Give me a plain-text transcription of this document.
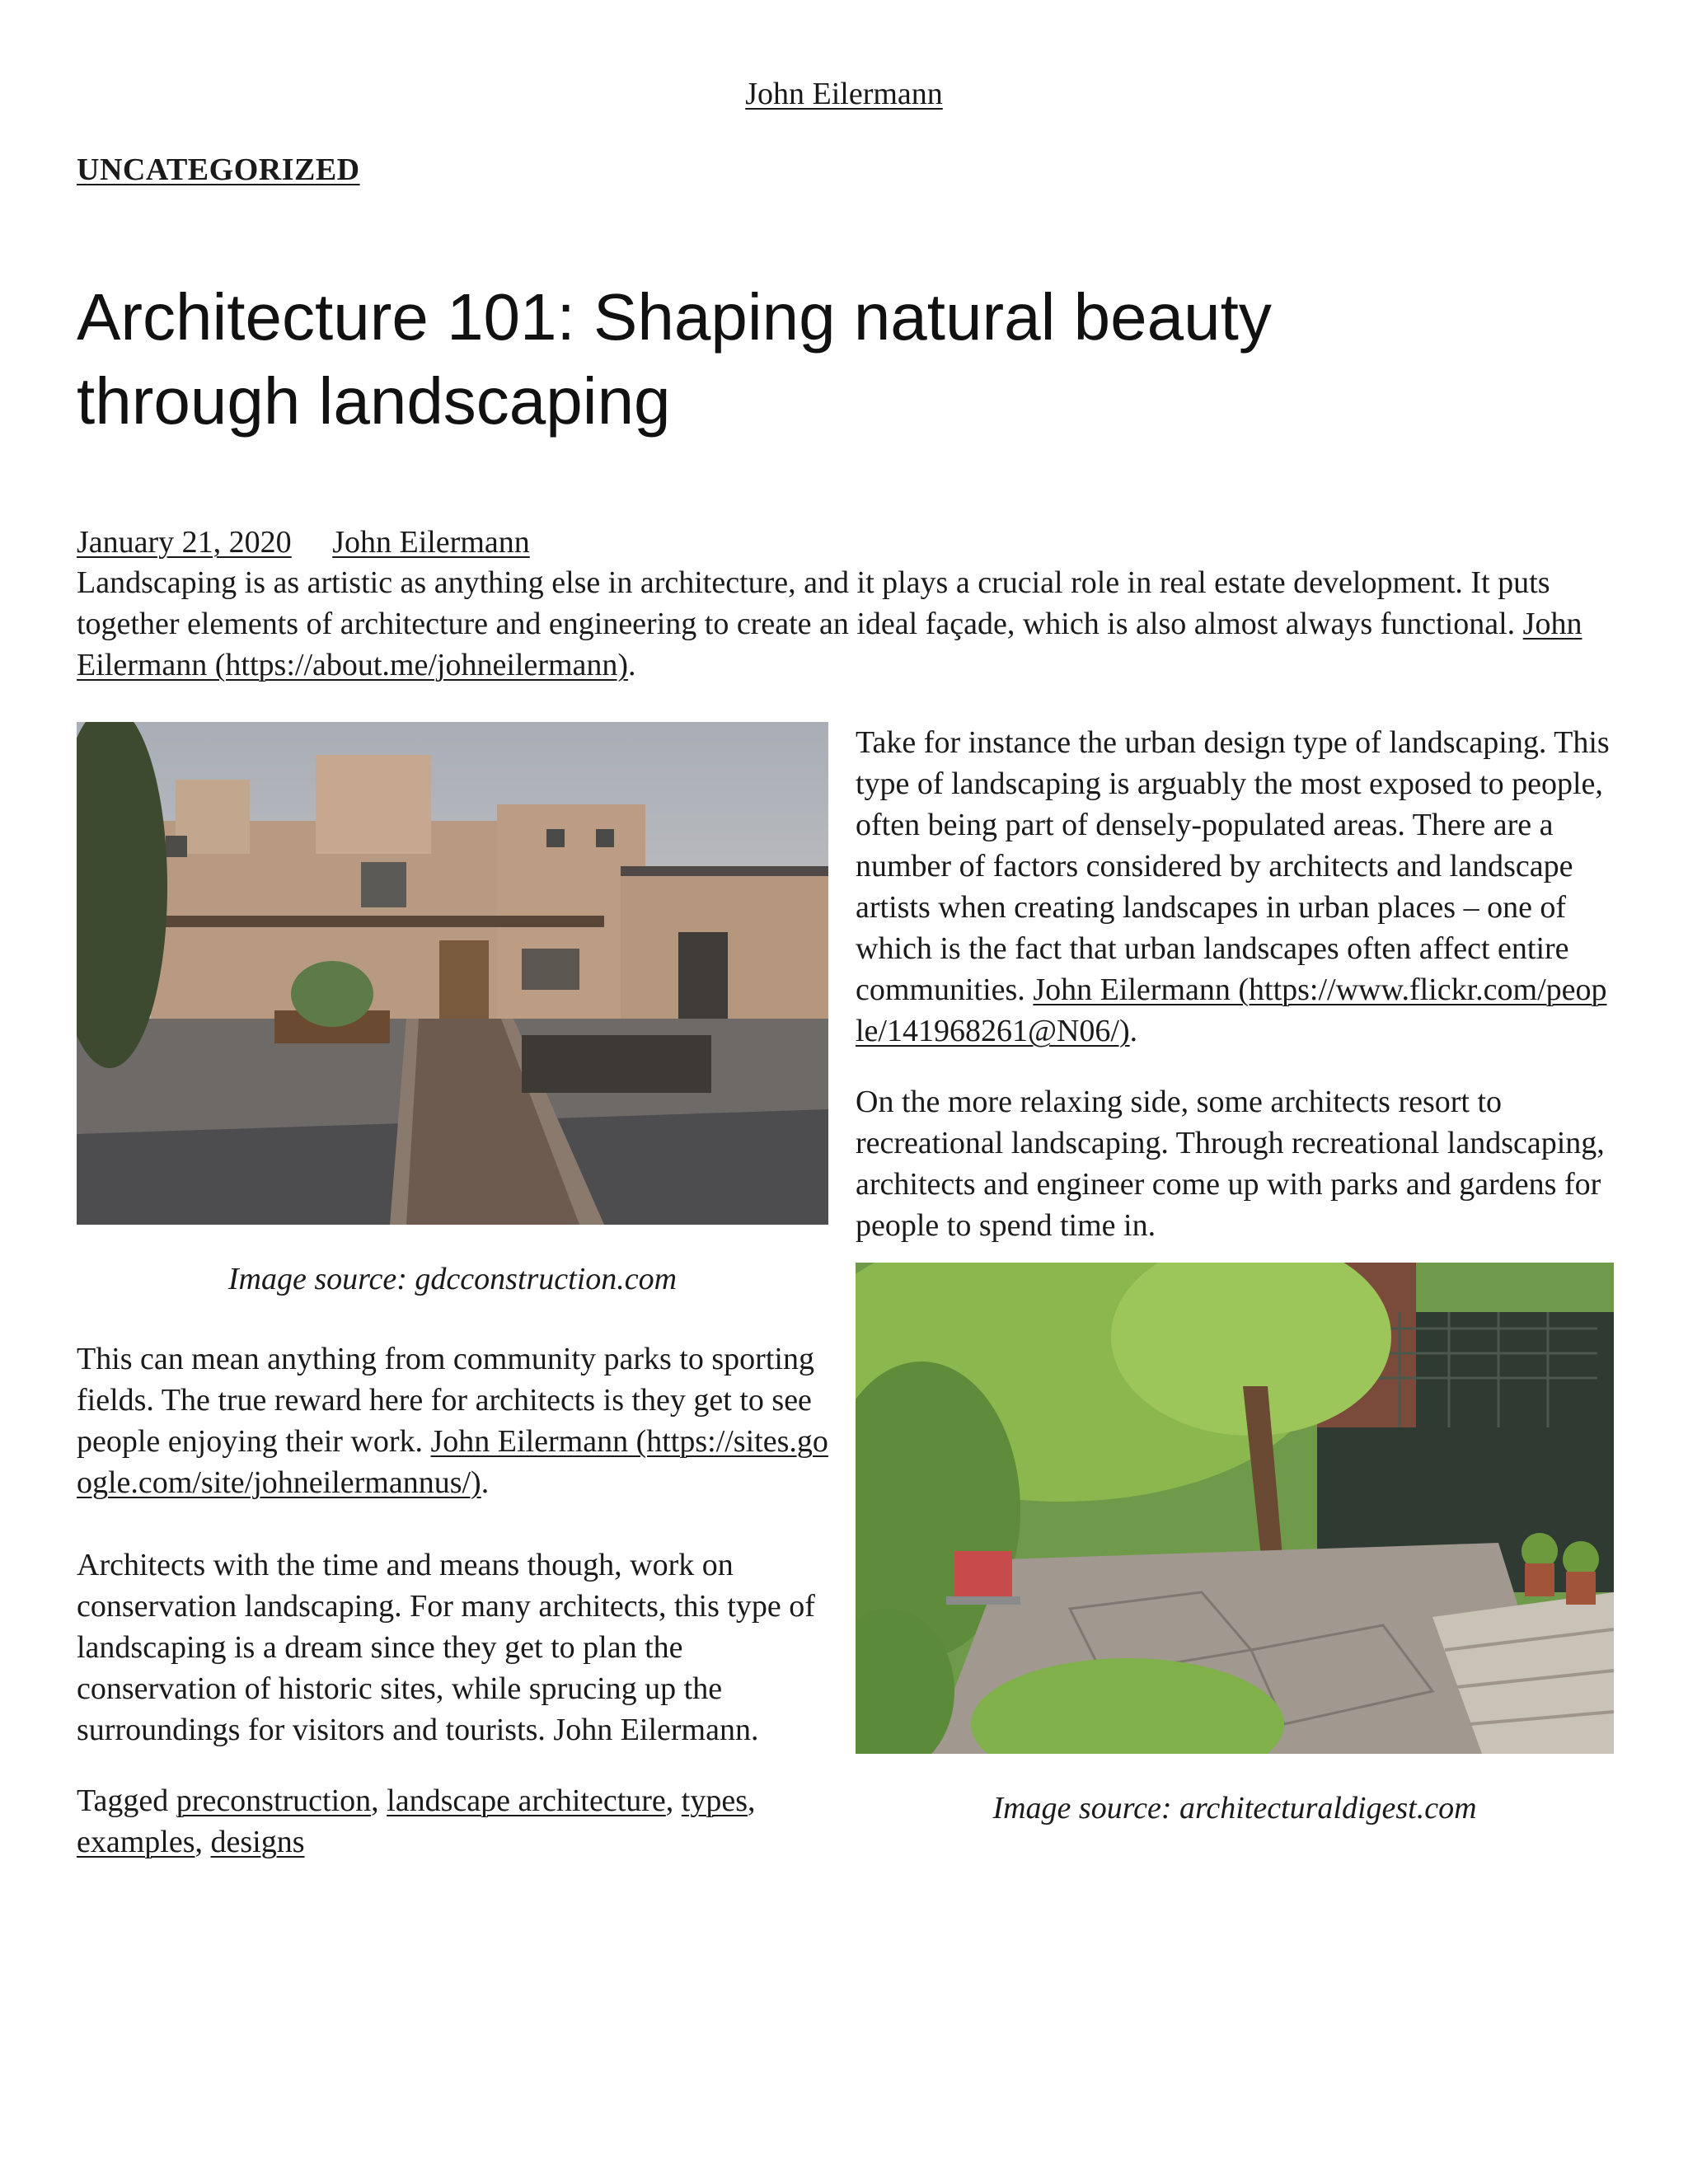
John Eilermann
UNCATEGORIZED
Architecture 101: Shaping natural beauty through landscaping
January 21, 2020 John Eilermann

Landscaping is as artistic as anything else in architecture, and it plays a crucial role in real estate development. It puts together elements of architecture and engineering to create an ideal façade, which is also almost always functional. John Eilermann (https://about.me/johneilermann).

Image source: gdcconstruction.com

This can mean anything from community parks to sporting fields. The true reward here for architects is they get to see people enjoying their work. John Eilermann (https://sites.google.com/site/johneilermannus/).

Architects with the time and means though, work on conservation landscaping. For many architects, this type of landscaping is a dream since they get to plan the conservation of historic sites, while sprucing up the surroundings for visitors and tourists. John Eilermann.

Tagged preconstruction, landscape architecture, types, examples, designs

Take for instance the urban design type of landscaping. This type of landscaping is arguably the most exposed to people, often being part of densely-populated areas. There are a number of factors considered by architects and landscape artists when creating landscapes in urban places – one of which is the fact that urban landscapes often affect entire communities. John Eilermann (https://www.flickr.com/people/141968261@N06/).

On the more relaxing side, some architects resort to recreational landscaping. Through recreational landscaping, architects and engineer come up with parks and gardens for people to spend time in.

Image source: architecturaldigest.com
